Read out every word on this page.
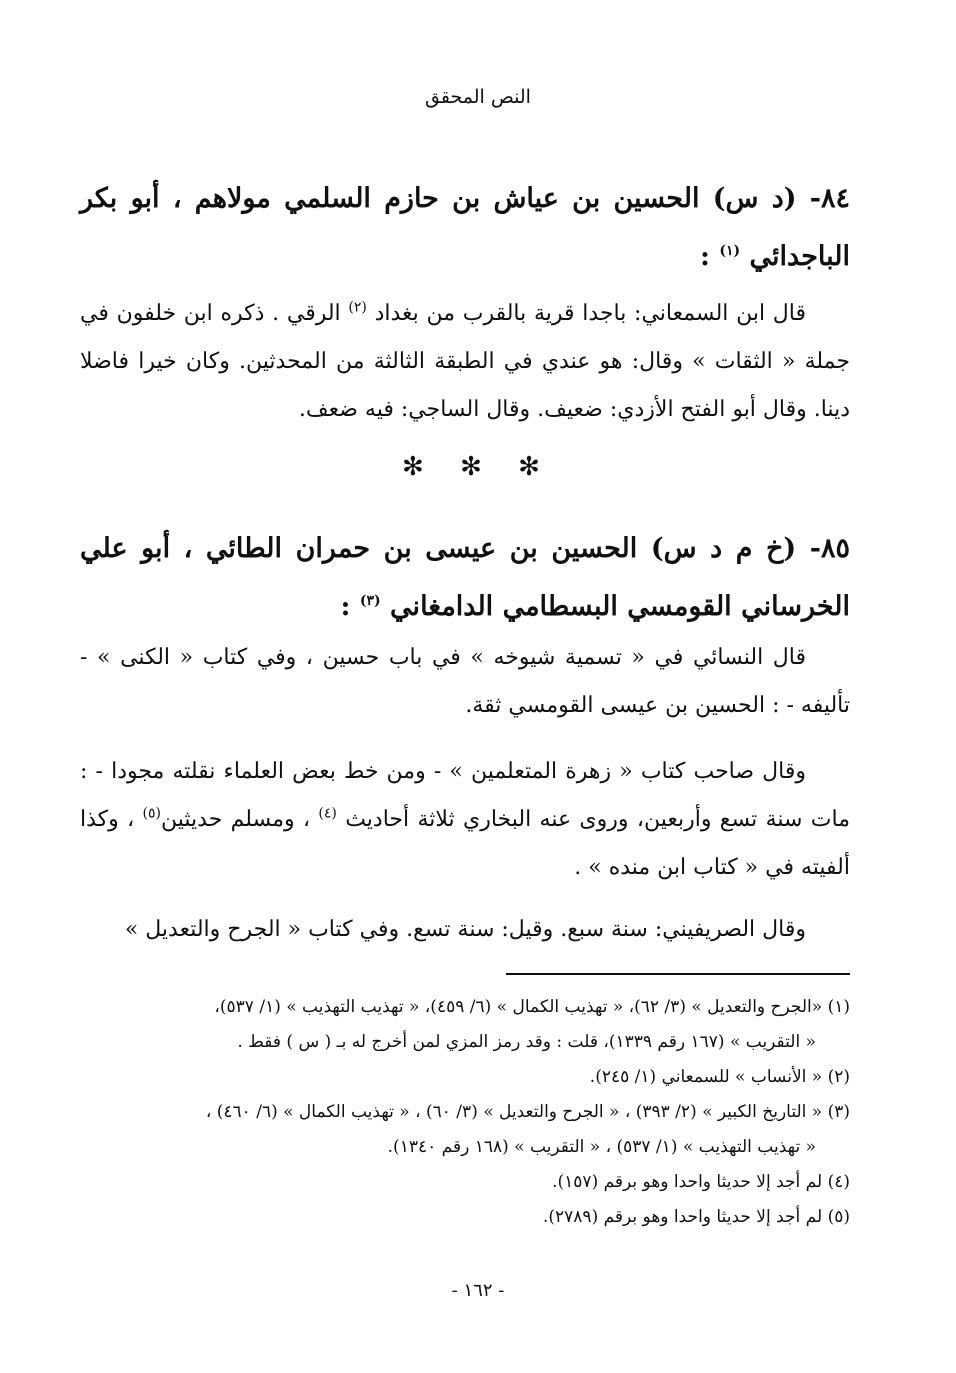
النص المحقق
٨٤- (د س) الحسين بن عياش بن حازم السلمي مولاهم ، أبو بكر الباجدائي $^{(١)}$ :
قال ابن السمعاني: باجدا قرية بالقرب من بغداد $^{(٢)}$ الرقي . ذكره ابن خلفون في جملة « الثقات » وقال: هو عندي في الطبقة الثالثة من المحدثين. وكان خيرا فاضلا دينا. وقال أبو الفتح الأزدي: ضعيف. وقال الساجي: فيه ضعف.
✻ ✻ ✻
٨٥- (خ م د س) الحسين بن عيسى بن حمران الطائي ، أبو علي الخرساني القومسي البسطامي الدامغاني $^{(٣)}$ :
قال النسائي في « تسمية شيوخه » في باب حسين ، وفي كتاب « الكنى » - تأليفه - : الحسين بن عيسى القومسي ثقة.
وقال صاحب كتاب « زهرة المتعلمين » - ومن خط بعض العلماء نقلته مجودا - : مات سنة تسع وأربعين، وروى عنه البخاري ثلاثة أحاديث $^{(٤)}$ ، ومسلم حديثين$^{(٥)}$ ، وكذا ألفيته في « كتاب ابن منده » .
وقال الصريفيني: سنة سبع. وقيل: سنة تسع. وفي كتاب « الجرح والتعديل »
(١) «الجرح والتعديل » (٣/ ٦٢)، « تهذيب الكمال » (٦/ ٤٥٩)، « تهذيب التهذيب » (١/ ٥٣٧)،
« التقريب » (١٦٧ رقم ١٣٣٩)، قلت : وقد رمز المزي لمن أخرج له بـ ( س ) فقط .
(٢) « الأنساب » للسمعاني (١/ ٢٤٥).
(٣) « التاريخ الكبير » (٢/ ٣٩٣) ، « الجرح والتعديل » (٣/ ٦٠) ، « تهذيب الكمال » (٦/ ٤٦٠) ،
« تهذيب التهذيب » (١/ ٥٣٧) ، « التقريب » (١٦٨ رقم ١٣٤٠).
(٤) لم أجد إلا حديثا واحدا وهو برقم (١٥٧).
(٥) لم أجد إلا حديثا واحدا وهو برقم (٢٧٨٩).
- ١٦٢ -
